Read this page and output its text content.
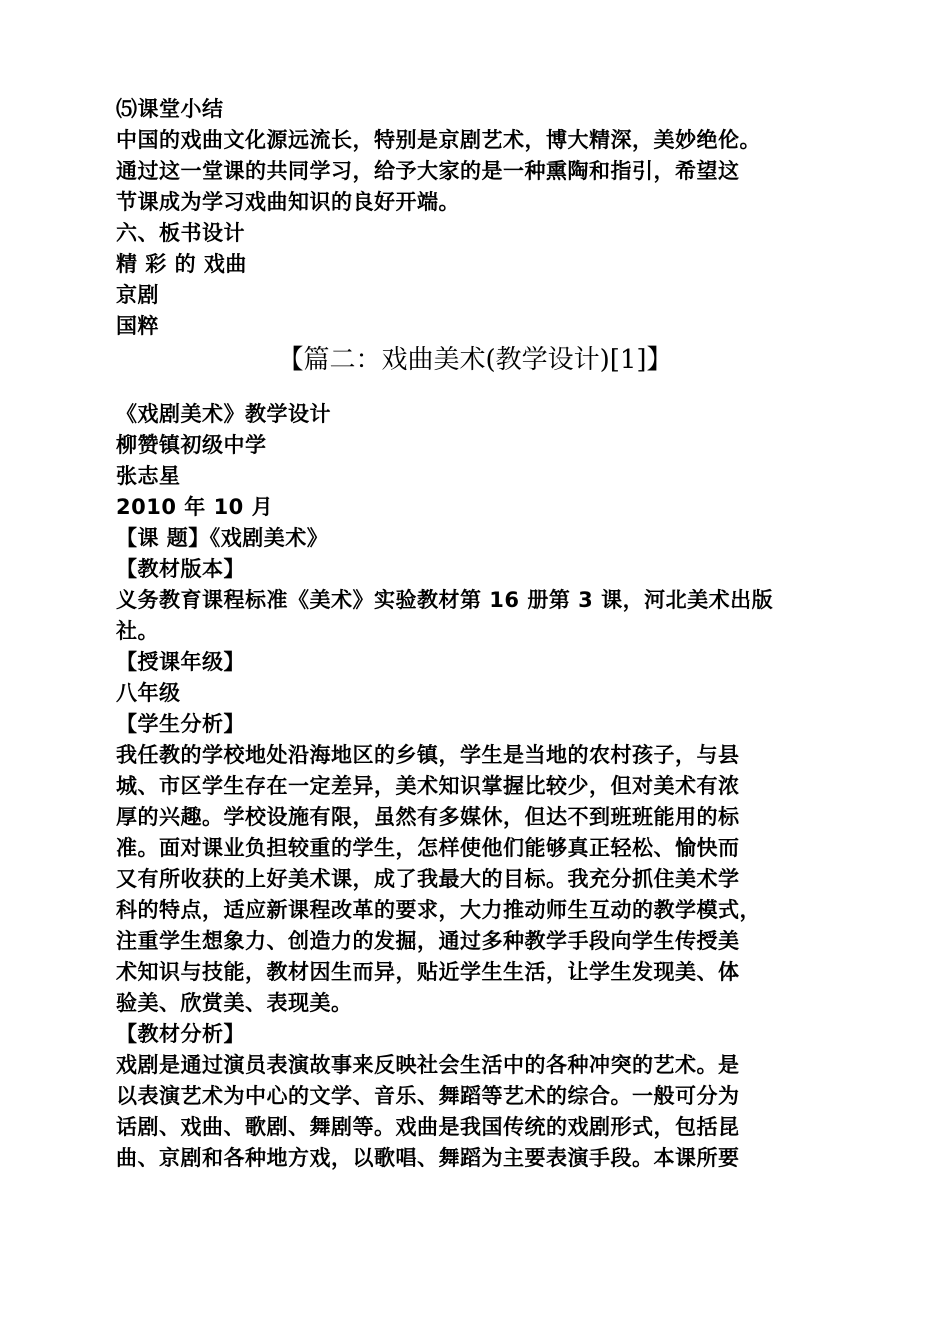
⑸课堂小结
中国的戏曲文化源远流长，特别是京剧艺术，博大精深，美妙绝伦。
通过这一堂课的共同学习，给予大家的是一种熏陶和指引，希望这
节课成为学习戏曲知识的良好开端。
六、板书设计
精 彩 的 戏曲
京剧
国粹
【篇二：戏曲美术(教学设计)[1]】
《戏剧美术》教学设计
柳赞镇初级中学
张志星
2010 年 10 月
【课 题】《戏剧美术》
【教材版本】
义务教育课程标准《美术》实验教材第 16 册第 3 课，河北美术出版
社。
【授课年级】
八年级
【学生分析】
我任教的学校地处沿海地区的乡镇，学生是当地的农村孩子，与县
城、市区学生存在一定差异，美术知识掌握比较少，但对美术有浓
厚的兴趣。学校设施有限，虽然有多媒休，但达不到班班能用的标
准。面对课业负担较重的学生，怎样使他们能够真正轻松、愉快而
又有所收获的上好美术课，成了我最大的目标。我充分抓住美术学
科的特点，适应新课程改革的要求，大力推动师生互动的教学模式，
注重学生想象力、创造力的发掘，通过多种教学手段向学生传授美
术知识与技能，教材因生而异，贴近学生生活，让学生发现美、体
验美、欣赏美、表现美。
【教材分析】
戏剧是通过演员表演故事来反映社会生活中的各种冲突的艺术。是
以表演艺术为中心的文学、音乐、舞蹈等艺术的综合。一般可分为
话剧、戏曲、歌剧、舞剧等。戏曲是我国传统的戏剧形式，包括昆
曲、京剧和各种地方戏，以歌唱、舞蹈为主要表演手段。本课所要
